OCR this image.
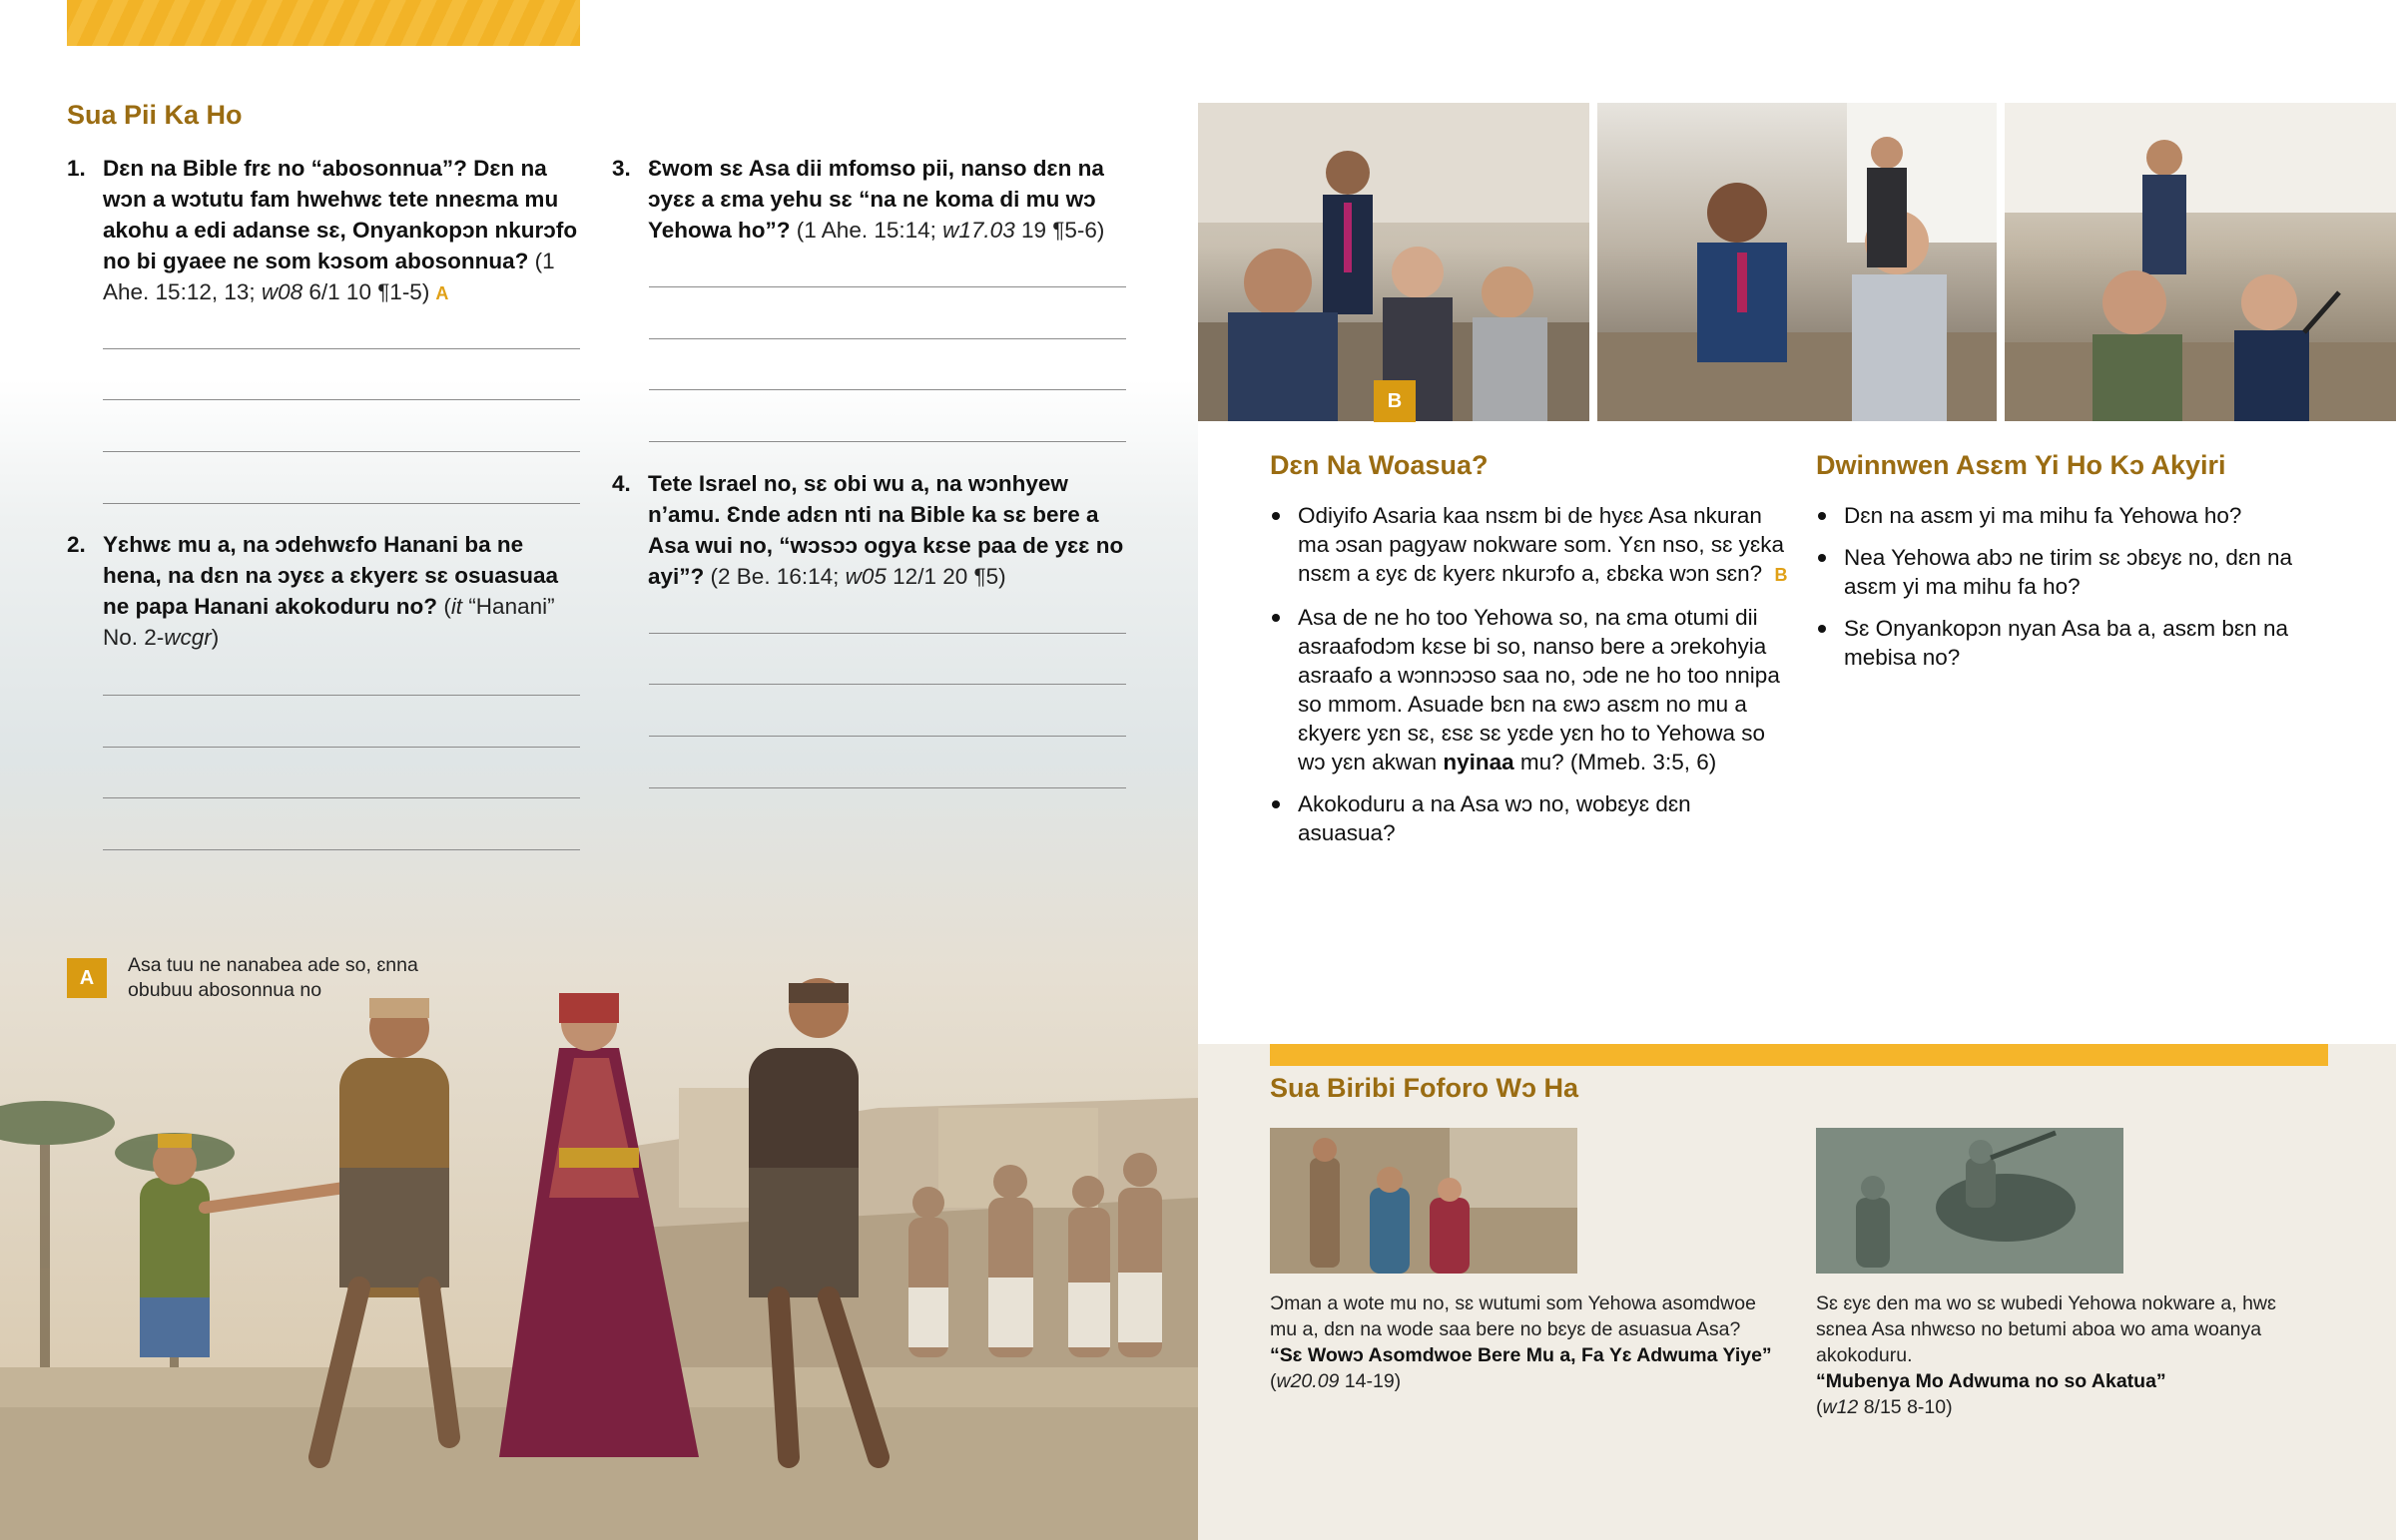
Sua Pii Ka Ho
1. Dɛn na Bible frɛ no “abosonnua”? Dɛn na wɔn a wɔtutu fam hwehwɛ tete nneɛma mu akohu a edi adanse sɛ, Onyankopɔn nkurɔfo no bi gyaee ne som kɔsom abosonnua? (1 Ahe. 15:12, 13; w08 6/1 10 ¶1-5) A
2. Yɛhwɛ mu a, na ɔdehwɛfo Hanani ba ne hena, na dɛn na ɔyɛɛ a ɛkyerɛ sɛ osuasuaa ne papa Hanani akokoduru no? (it “Hanani” No. 2-wcgr)
3. Ɛwom sɛ Asa dii mfomso pii, nanso dɛn na ɔyɛɛ a ɛma yehu sɛ “na ne koma di mu wɔ Yehowa ho”? (1 Ahe. 15:14; w17.03 19 ¶5-6)
4. Tete Israel no, sɛ obi wu a, na wɔnhyew n’amu. Ɛnde adɛn nti na Bible ka sɛ bere a Asa wui no, “wɔsɔɔ ogya kɛse paa de yɛɛ no ayi”? (2 Be. 16:14; w05 12/1 20 ¶5)
A
Asa tuu ne nanabea ade so, ɛnna obubuu abosonnua no
B
Dɛn Na Woasua?
Odiyifo Asaria kaa nsɛm bi de hyɛɛ Asa nkuran ma ɔsan pagyaw nokware som. Yɛn nso, sɛ yɛka nsɛm a ɛyɛ dɛ kyerɛ nkurɔfo a, ɛbɛka wɔn sɛn? B
Asa de ne ho too Yehowa so, na ɛma otumi dii asraafodɔm kɛse bi so, nanso bere a ɔrekohyia asraafo a wɔnnɔɔso saa no, ɔde ne ho too nnipa so mmom. Asuade bɛn na ɛwɔ asɛm no mu a ɛkyerɛ yɛn sɛ, ɛsɛ sɛ yɛde yɛn ho to Yehowa so wɔ yɛn akwan nyinaa mu? (Mmeb. 3:5, 6)
Akokoduru a na Asa wɔ no, wobɛyɛ dɛn asuasua?
Dwinnwen Asɛm Yi Ho Kɔ Akyiri
Dɛn na asɛm yi ma mihu fa Yehowa ho?
Nea Yehowa abɔ ne tirim sɛ ɔbɛyɛ no, dɛn na asɛm yi ma mihu fa ho?
Sɛ Onyankopɔn nyan Asa ba a, asɛm bɛn na mebisa no?
Sua Biribi Foforo Wɔ Ha
Ɔman a wote mu no, sɛ wutumi som Yehowa asomdwoe mu a, dɛn na wode saa bere no bɛyɛ de asuasua Asa?
“Sɛ Wowɔ Asomdwoe Bere Mu a, Fa Yɛ Adwuma Yiye”
(w20.09 14-19)
Sɛ ɛyɛ den ma wo sɛ wubedi Yehowa nokware a, hwɛ sɛnea Asa nhwɛso no betumi aboa wo ama woanya akokoduru.
“Mubenya Mo Adwuma no so Akatua”
(w12 8/15 8-10)
